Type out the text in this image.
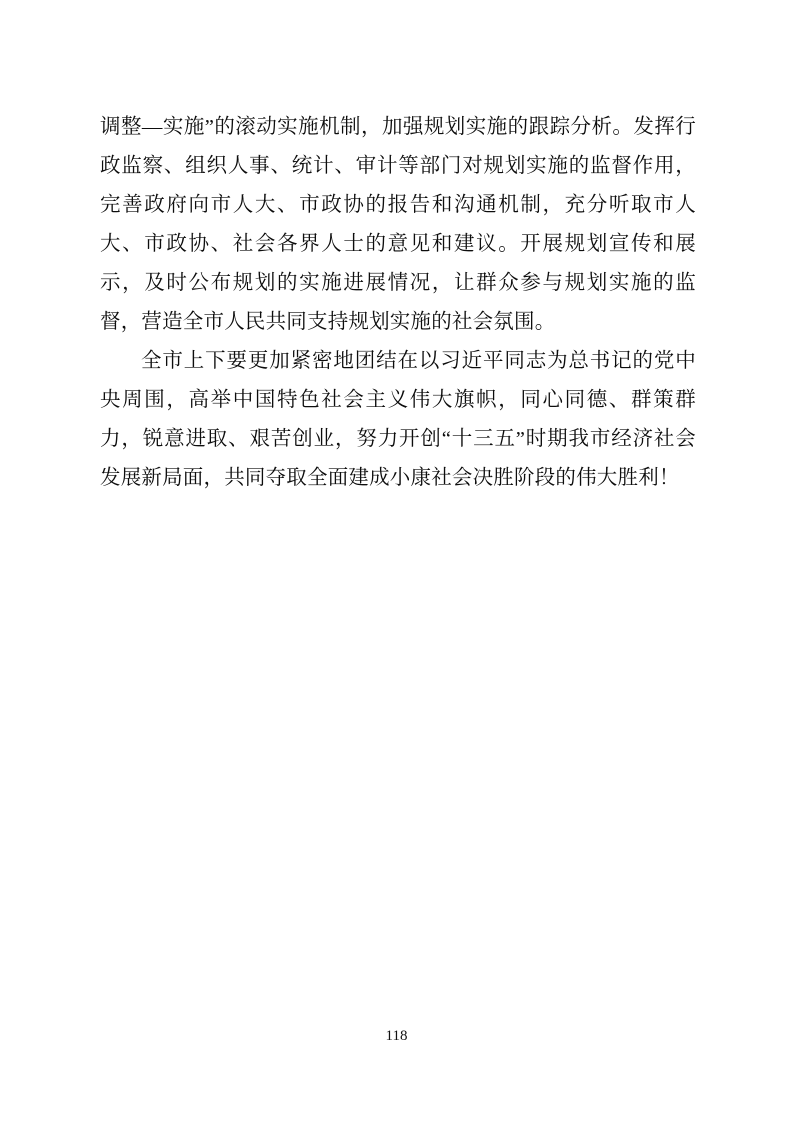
调整—实施”的滚动实施机制，加强规划实施的跟踪分析。发挥行政监察、组织人事、统计、审计等部门对规划实施的监督作用，完善政府向市人大、市政协的报告和沟通机制，充分听取市人大、市政协、社会各界人士的意见和建议。开展规划宣传和展示，及时公布规划的实施进展情况，让群众参与规划实施的监督，营造全市人民共同支持规划实施的社会氛围。

全市上下要更加紧密地团结在以习近平同志为总书记的党中央周围，高举中国特色社会主义伟大旗帜，同心同德、群策群力，锐意进取、艰苦创业，努力开创“十三五”时期我市经济社会发展新局面，共同夺取全面建成小康社会决胜阶段的伟大胜利！

118
